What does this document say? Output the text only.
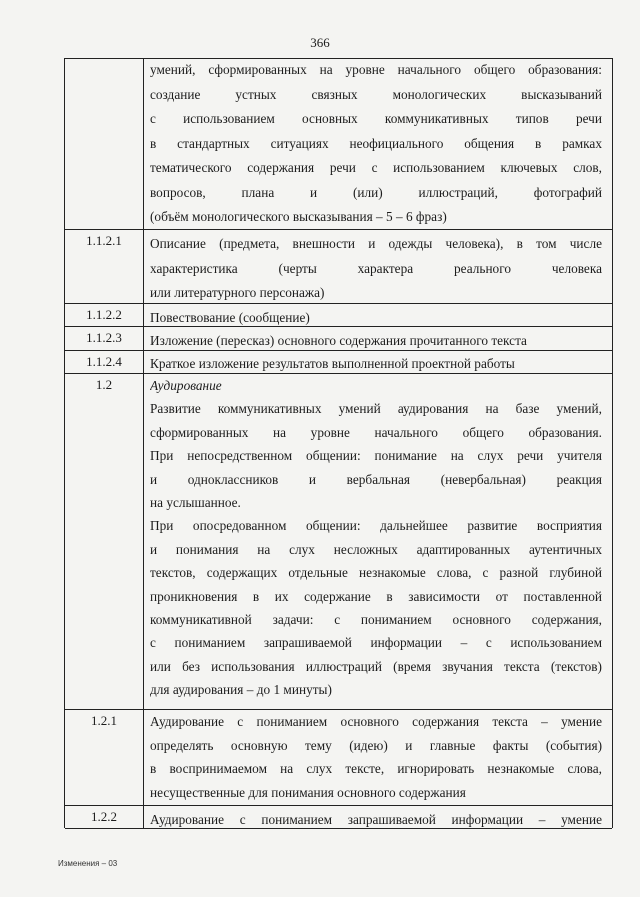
366
умений, сформированных на уровне начального общего образования:
создание устных связных монологических высказываний
с использованием основных коммуникативных типов речи
в стандартных ситуациях неофициального общения в рамках
тематического содержания речи с использованием ключевых слов,
вопросов, плана и (или) иллюстраций, фотографий
(объём монологического высказывания – 5 – 6 фраз)
1.1.2.1	Описание (предмета, внешности и одежды человека), в том числе
характеристика (черты характера реального человека
или литературного персонажа)
1.1.2.2	Повествование (сообщение)
1.1.2.3	Изложение (пересказ) основного содержания прочитанного текста
1.1.2.4	Краткое изложение результатов выполненной проектной работы
1.2	Аудирование
Развитие коммуникативных умений аудирования на базе умений,
сформированных на уровне начального общего образования.
При непосредственном общении: понимание на слух речи учителя
и одноклассников и вербальная (невербальная) реакция
на услышанное.
При опосредованном общении: дальнейшее развитие восприятия
и понимания на слух несложных адаптированных аутентичных
текстов, содержащих отдельные незнакомые слова, с разной глубиной
проникновения в их содержание в зависимости от поставленной
коммуникативной задачи: с пониманием основного содержания,
с пониманием запрашиваемой информации – с использованием
или без использования иллюстраций (время звучания текста (текстов)
для аудирования – до 1 минуты)
1.2.1	Аудирование с пониманием основного содержания текста – умение
определять основную тему (идею) и главные факты (события)
в воспринимаемом на слух тексте, игнорировать незнакомые слова,
несущественные для понимания основного содержания
1.2.2	Аудирование с пониманием запрашиваемой информации – умение
Изменения – 03
